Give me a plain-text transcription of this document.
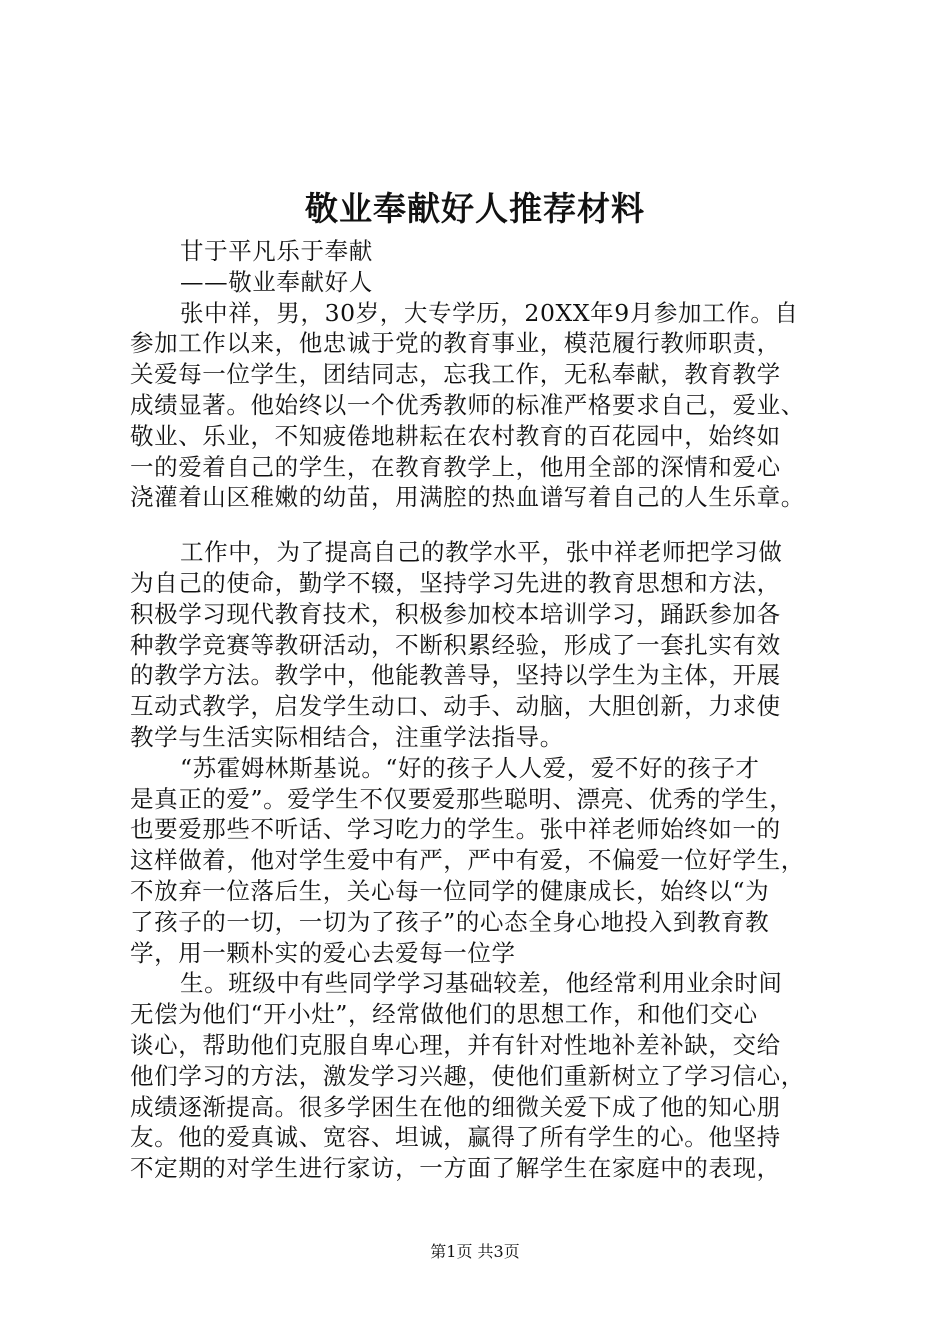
敬业奉献好人推荐材料

甘于平凡乐于奉献

——敬业奉献好人

张中祥，男，30岁，大专学历，20XX年9月参加工作。自

参加工作以来，他忠诚于党的教育事业，模范履行教师职责，

关爱每一位学生，团结同志，忘我工作，无私奉献，教育教学

成绩显著。他始终以一个优秀教师的标准严格要求自己，爱业、

敬业、乐业，不知疲倦地耕耘在农村教育的百花园中，始终如

一的爱着自己的学生，在教育教学上，他用全部的深情和爱心

浇灌着山区稚嫩的幼苗，用满腔的热血谱写着自己的人生乐章。

工作中，为了提高自己的教学水平，张中祥老师把学习做

为自己的使命，勤学不辍，坚持学习先进的教育思想和方法，

积极学习现代教育技术，积极参加校本培训学习，踊跃参加各

种教学竞赛等教研活动，不断积累经验，形成了一套扎实有效

的教学方法。教学中，他能教善导，坚持以学生为主体，开展

互动式教学，启发学生动口、动手、动脑，大胆创新，力求使

教学与生活实际相结合，注重学法指导。

“苏霍姆林斯基说。“好的孩子人人爱，爱不好的孩子才

是真正的爱”。爱学生不仅要爱那些聪明、漂亮、优秀的学生，

也要爱那些不听话、学习吃力的学生。张中祥老师始终如一的

这样做着，他对学生爱中有严，严中有爱，不偏爱一位好学生，

不放弃一位落后生，关心每一位同学的健康成长，始终以“为

了孩子的一切，一切为了孩子”的心态全身心地投入到教育教

学，用一颗朴实的爱心去爱每一位学

生。班级中有些同学学习基础较差，他经常利用业余时间

无偿为他们“开小灶”，经常做他们的思想工作，和他们交心

谈心，帮助他们克服自卑心理，并有针对性地补差补缺，交给

他们学习的方法，激发学习兴趣，使他们重新树立了学习信心，

成绩逐渐提高。很多学困生在他的细微关爱下成了他的知心朋

友。他的爱真诚、宽容、坦诚，赢得了所有学生的心。他坚持

不定期的对学生进行家访，一方面了解学生在家庭中的表现，

第1页 共3页
